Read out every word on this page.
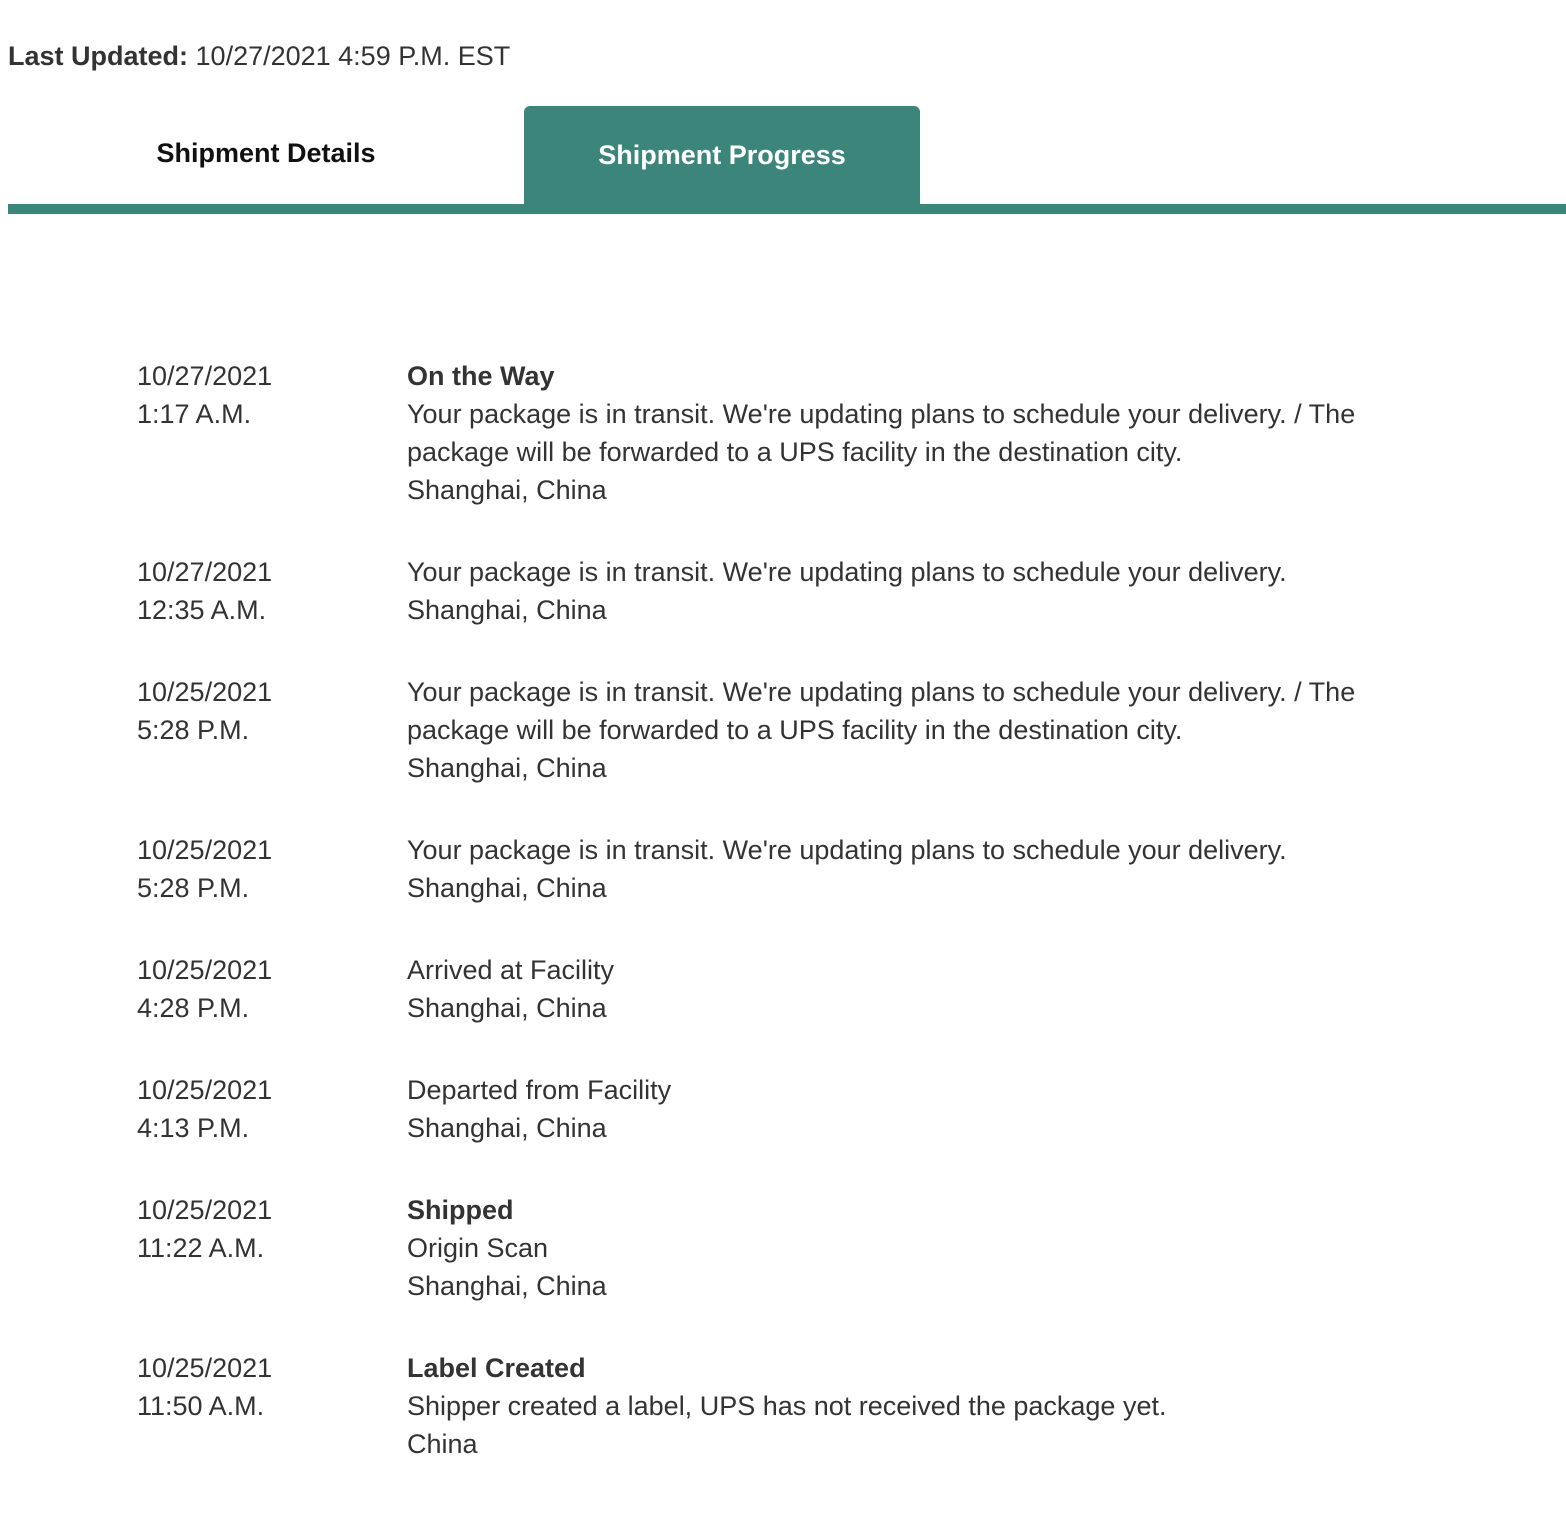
Last Updated: 10/27/2021 4:59 P.M. EST
Shipment Details	Shipment Progress
10/27/2021
1:17 A.M.
On the Way
Your package is in transit. We're updating plans to schedule your delivery. / The package will be forwarded to a UPS facility in the destination city.
Shanghai, China
10/27/2021
12:35 A.M.
Your package is in transit. We're updating plans to schedule your delivery.
Shanghai, China
10/25/2021
5:28 P.M.
Your package is in transit. We're updating plans to schedule your delivery. / The package will be forwarded to a UPS facility in the destination city.
Shanghai, China
10/25/2021
5:28 P.M.
Your package is in transit. We're updating plans to schedule your delivery.
Shanghai, China
10/25/2021
4:28 P.M.
Arrived at Facility
Shanghai, China
10/25/2021
4:13 P.M.
Departed from Facility
Shanghai, China
10/25/2021
11:22 A.M.
Shipped
Origin Scan
Shanghai, China
10/25/2021
11:50 A.M.
Label Created
Shipper created a label, UPS has not received the package yet.
China
